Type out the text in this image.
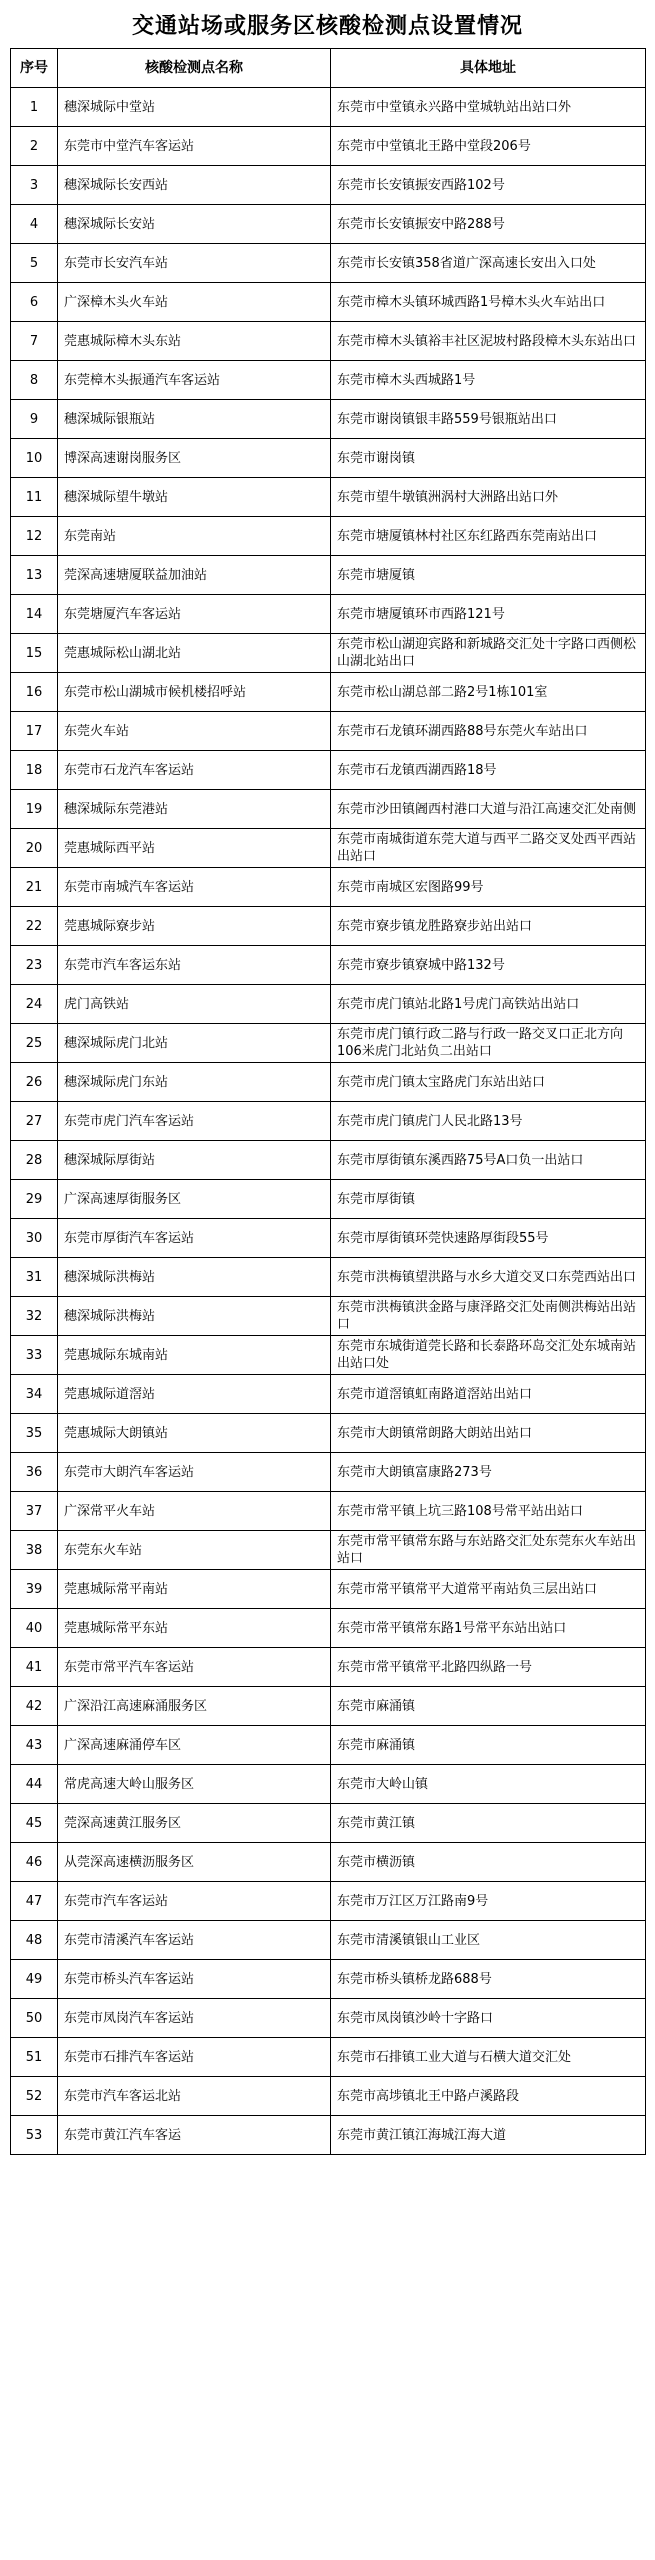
交通站场或服务区核酸检测点设置情况
序号	核酸检测点名称	具体地址
1	穗深城际中堂站	东莞市中堂镇永兴路中堂城轨站出站口外
2	东莞市中堂汽车客运站	东莞市中堂镇北王路中堂段206号
3	穗深城际长安西站	东莞市长安镇振安西路102号
4	穗深城际长安站	东莞市长安镇振安中路288号
5	东莞市长安汽车站	东莞市长安镇358省道广深高速长安出入口处
6	广深樟木头火车站	东莞市樟木头镇环城西路1号樟木头火车站出口
7	莞惠城际樟木头东站	东莞市樟木头镇裕丰社区泥坡村路段樟木头东站出口
8	东莞樟木头振通汽车客运站	东莞市樟木头西城路1号
9	穗深城际银瓶站	东莞市谢岗镇银丰路559号银瓶站出口
10	博深高速谢岗服务区	东莞市谢岗镇
11	穗深城际望牛墩站	东莞市望牛墩镇洲涡村大洲路出站口外
12	东莞南站	东莞市塘厦镇林村社区东红路西东莞南站出口
13	莞深高速塘厦联益加油站	东莞市塘厦镇
14	东莞塘厦汽车客运站	东莞市塘厦镇环市西路121号
15	莞惠城际松山湖北站	东莞市松山湖迎宾路和新城路交汇处十字路口西侧松山湖北站出口
16	东莞市松山湖城市候机楼招呼站	东莞市松山湖总部二路2号1栋101室
17	东莞火车站	东莞市石龙镇环湖西路88号东莞火车站出口
18	东莞市石龙汽车客运站	东莞市石龙镇西湖西路18号
19	穗深城际东莞港站	东莞市沙田镇阇西村港口大道与沿江高速交汇处南侧
20	莞惠城际西平站	东莞市南城街道东莞大道与西平二路交叉处西平西站出站口
21	东莞市南城汽车客运站	东莞市南城区宏图路99号
22	莞惠城际寮步站	东莞市寮步镇龙胜路寮步站出站口
23	东莞市汽车客运东站	东莞市寮步镇寮城中路132号
24	虎门高铁站	东莞市虎门镇站北路1号虎门高铁站出站口
25	穗深城际虎门北站	东莞市虎门镇行政二路与行政一路交叉口正北方向106米虎门北站负二出站口
26	穗深城际虎门东站	东莞市虎门镇太宝路虎门东站出站口
27	东莞市虎门汽车客运站	东莞市虎门镇虎门人民北路13号
28	穗深城际厚街站	东莞市厚街镇东溪西路75号A口负一出站口
29	广深高速厚街服务区	东莞市厚街镇
30	东莞市厚街汽车客运站	东莞市厚街镇环莞快速路厚街段55号
31	穗深城际洪梅站	东莞市洪梅镇望洪路与水乡大道交叉口东莞西站出口
32	穗深城际洪梅站	东莞市洪梅镇洪金路与康泽路交汇处南侧洪梅站出站口
33	莞惠城际东城南站	东莞市东城街道莞长路和长泰路环岛交汇处东城南站出站口处
34	莞惠城际道滘站	东莞市道滘镇虹南路道滘站出站口
35	莞惠城际大朗镇站	东莞市大朗镇常朗路大朗站出站口
36	东莞市大朗汽车客运站	东莞市大朗镇富康路273号
37	广深常平火车站	东莞市常平镇上坑三路108号常平站出站口
38	东莞东火车站	东莞市常平镇常东路与东站路交汇处东莞东火车站出站口
39	莞惠城际常平南站	东莞市常平镇常平大道常平南站负三层出站口
40	莞惠城际常平东站	东莞市常平镇常东路1号常平东站出站口
41	东莞市常平汽车客运站	东莞市常平镇常平北路四纵路一号
42	广深沿江高速麻涌服务区	东莞市麻涌镇
43	广深高速麻涌停车区	东莞市麻涌镇
44	常虎高速大岭山服务区	东莞市大岭山镇
45	莞深高速黄江服务区	东莞市黄江镇
46	从莞深高速横沥服务区	东莞市横沥镇
47	东莞市汽车客运站	东莞市万江区万江路南9号
48	东莞市清溪汽车客运站	东莞市清溪镇银山工业区
49	东莞市桥头汽车客运站	东莞市桥头镇桥龙路688号
50	东莞市凤岗汽车客运站	东莞市凤岗镇沙岭十字路口
51	东莞市石排汽车客运站	东莞市石排镇工业大道与石横大道交汇处
52	东莞市汽车客运北站	东莞市高埗镇北王中路卢溪路段
53	东莞市黄江汽车客运	东莞市黄江镇江海城江海大道
